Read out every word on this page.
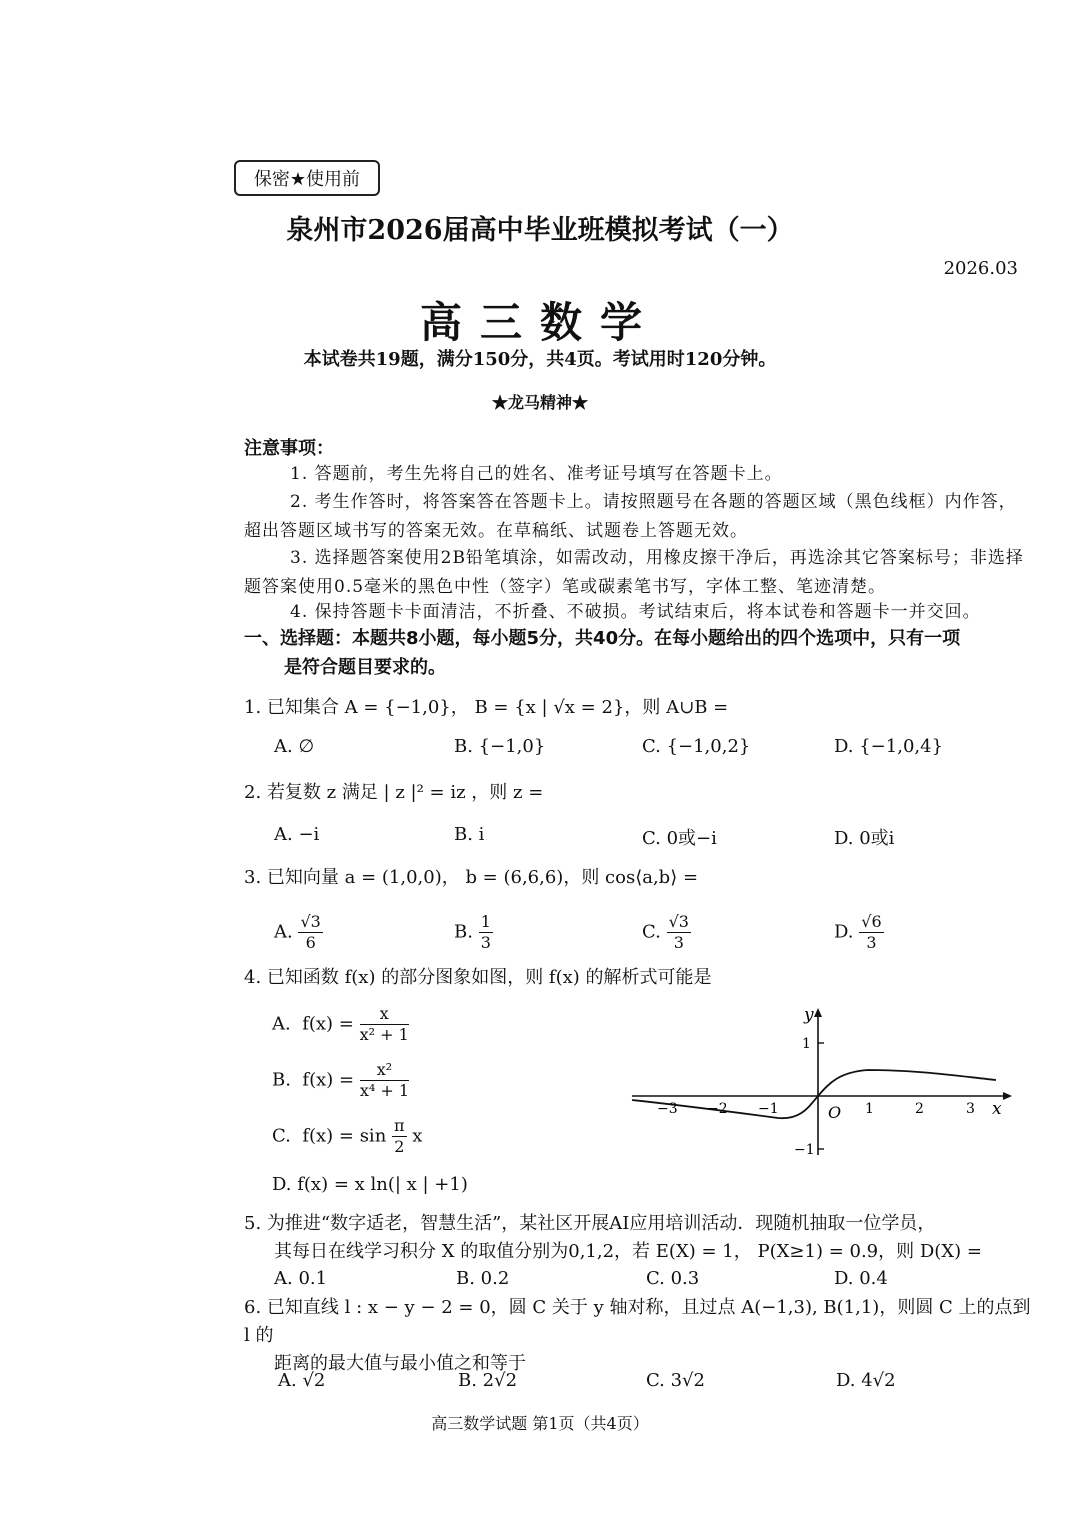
保密★使用前
泉州市2026届高中毕业班模拟考试（一）
2026.03
高三数学
本试卷共19题，满分150分，共4页。考试用时120分钟。
★龙马精神★
注意事项：
1. 答题前，考生先将自己的姓名、准考证号填写在答题卡上。
2. 考生作答时，将答案答在答题卡上。请按照题号在各题的答题区域（黑色线框）内作答，超出答题区域书写的答案无效。在草稿纸、试题卷上答题无效。
3. 选择题答案使用2B铅笔填涂，如需改动，用橡皮擦干净后，再选涂其它答案标号；非选择题答案使用0.5毫米的黑色中性（签字）笔或碳素笔书写，字体工整、笔迹清楚。
4. 保持答题卡卡面清洁，不折叠、不破损。考试结束后，将本试卷和答题卡一并交回。
一、选择题：本题共8小题，每小题5分，共40分。在每小题给出的四个选项中，只有一项
是符合题目要求的。
1. 已知集合 A = {−1,0}， B = {x | √x = 2}，则 A∪B =
A. ∅	B. {−1,0}	C. {−1,0,2}	D. {−1,0,4}
2. 若复数 z 满足 | z |² = iz ，则 z =
A. −i	B. i	C. 0或−i	D. 0或i
3. 已知向量 a = (1,0,0)， b = (6,6,6)，则 cos⟨a,b⟩ =
A. $\frac{√3}{6}$	B. $\frac{1}{3}$	C. $\frac{√3}{3}$	D. $\frac{√6}{3}$
4. 已知函数 f(x) 的部分图象如图，则 f(x) 的解析式可能是
A. $f(x) = \frac{x}{\text{x² + 1}}$
B. $f(x) = \frac{\text{x²}}{\text{x⁴ + 1}}$
C. $f(x) = \sin \frac{\pi}{2}$ x
D. f(x) = x ln(| x | +1)
y
x
O
−3 −2 −1	1	2	3
1
−1
5. 为推进“数字适老，智慧生活”，某社区开展AI应用培训活动．现随机抽取一位学员，
其每日在线学习积分 X 的取值分别为0,1,2，若 E(X) = 1， P(X≥1) = 0.9，则 D(X) =
A. 0.1	B. 0.2	C. 0.3	D. 0.4
6. 已知直线 l : x − y − 2 = 0，圆 C 关于 y 轴对称，且过点 A(−1,3), B(1,1)，则圆 C 上的点到 l 的
距离的最大值与最小值之和等于
A. √2	B. 2√2	C. 3√2	D. 4√2
高三数学试题 第1页（共4页）
